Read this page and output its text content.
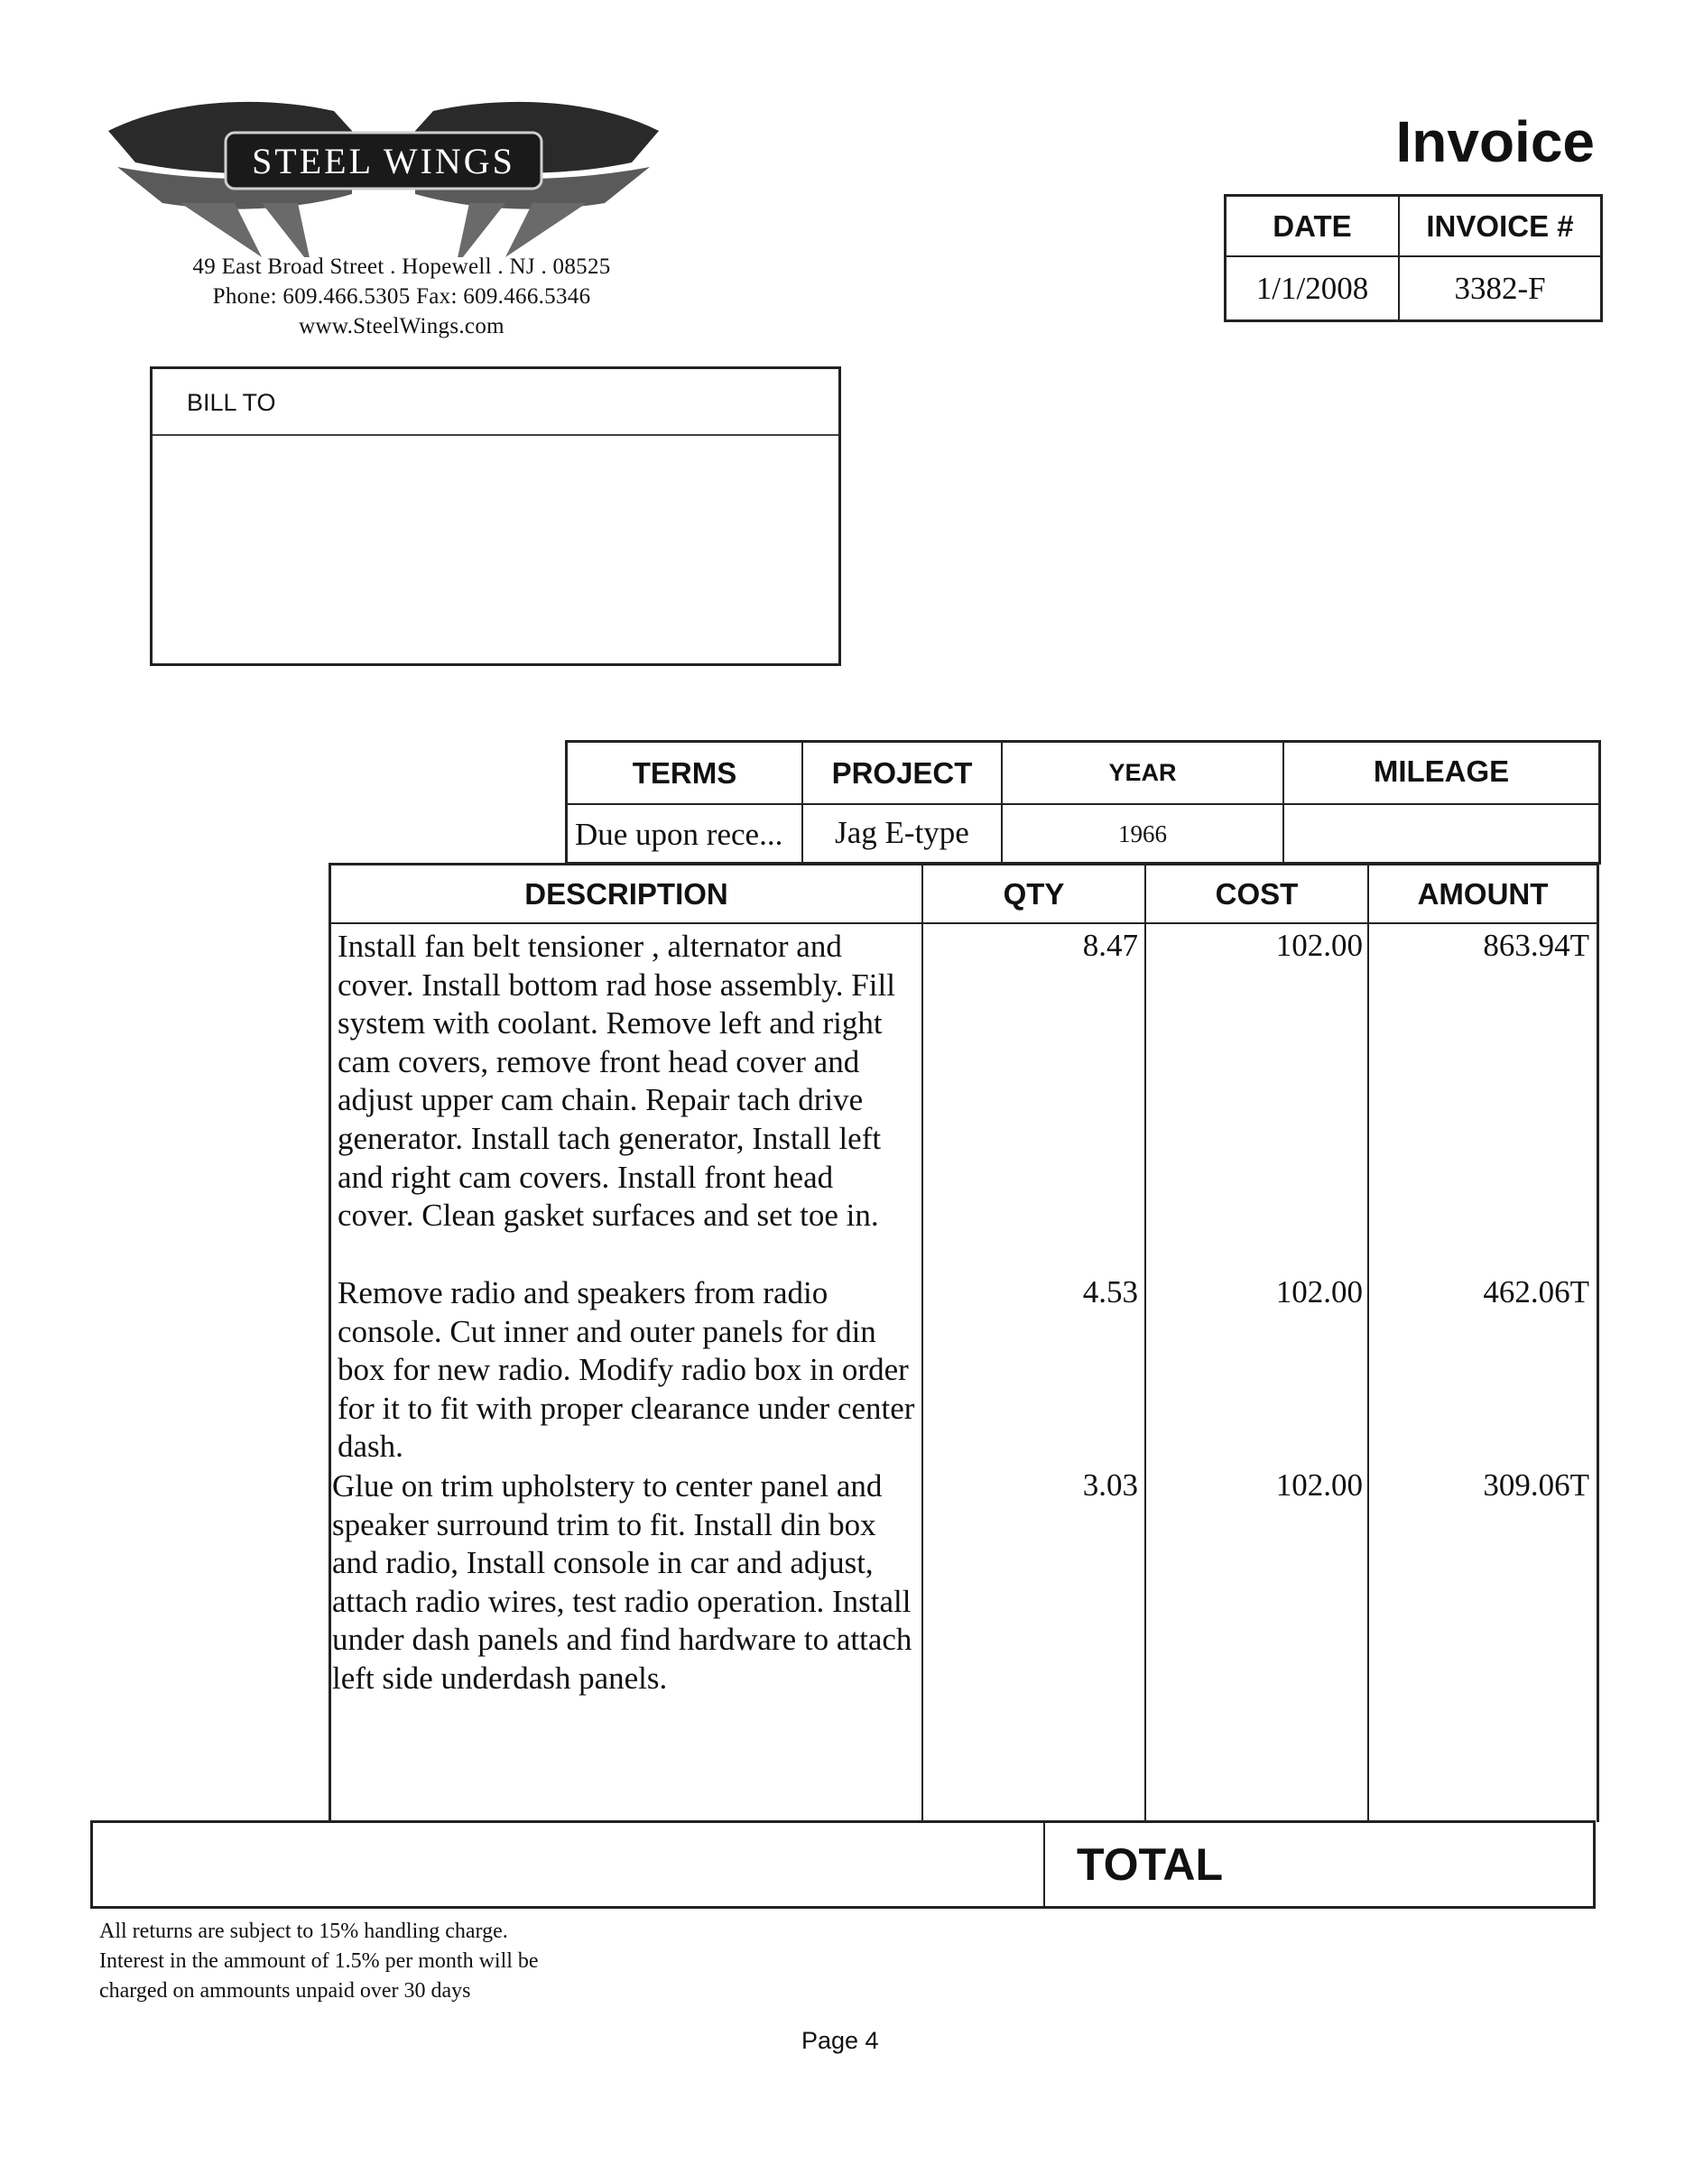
STEEL WINGS
49 East Broad Street . Hopewell . NJ . 08525
Phone: 609.466.5305 Fax: 609.466.5346
www.SteelWings.com
Invoice
DATE	INVOICE #
1/1/2008	3382-F
BILL TO
TERMS	PROJECT	YEAR	MILEAGE
Due upon rece...	Jag E-type	1966
DESCRIPTION	QTY	COST	AMOUNT
Install fan belt tensioner , alternator and cover. Install bottom rad hose assembly. Fill system with coolant. Remove left and right cam covers, remove front head cover and adjust upper cam chain. Repair tach drive generator. Install tach generator, Install left and right cam covers. Install front head cover. Clean gasket surfaces and set toe in.
8.47	102.00	863.94T
Remove radio and speakers from radio console. Cut inner and outer panels for din box for new radio. Modify radio box in order for it to fit with proper clearance under center dash.
4.53	102.00	462.06T
Glue on trim upholstery to center panel and speaker surround trim to fit. Install din box and radio, Install console in car and adjust, attach radio wires, test radio operation. Install under dash panels and find hardware to attach left side underdash panels.
3.03	102.00	309.06T
TOTAL
All returns are subject to 15% handling charge.
Interest in the ammount of 1.5% per month will be
charged on ammounts unpaid over 30 days
Page 4
